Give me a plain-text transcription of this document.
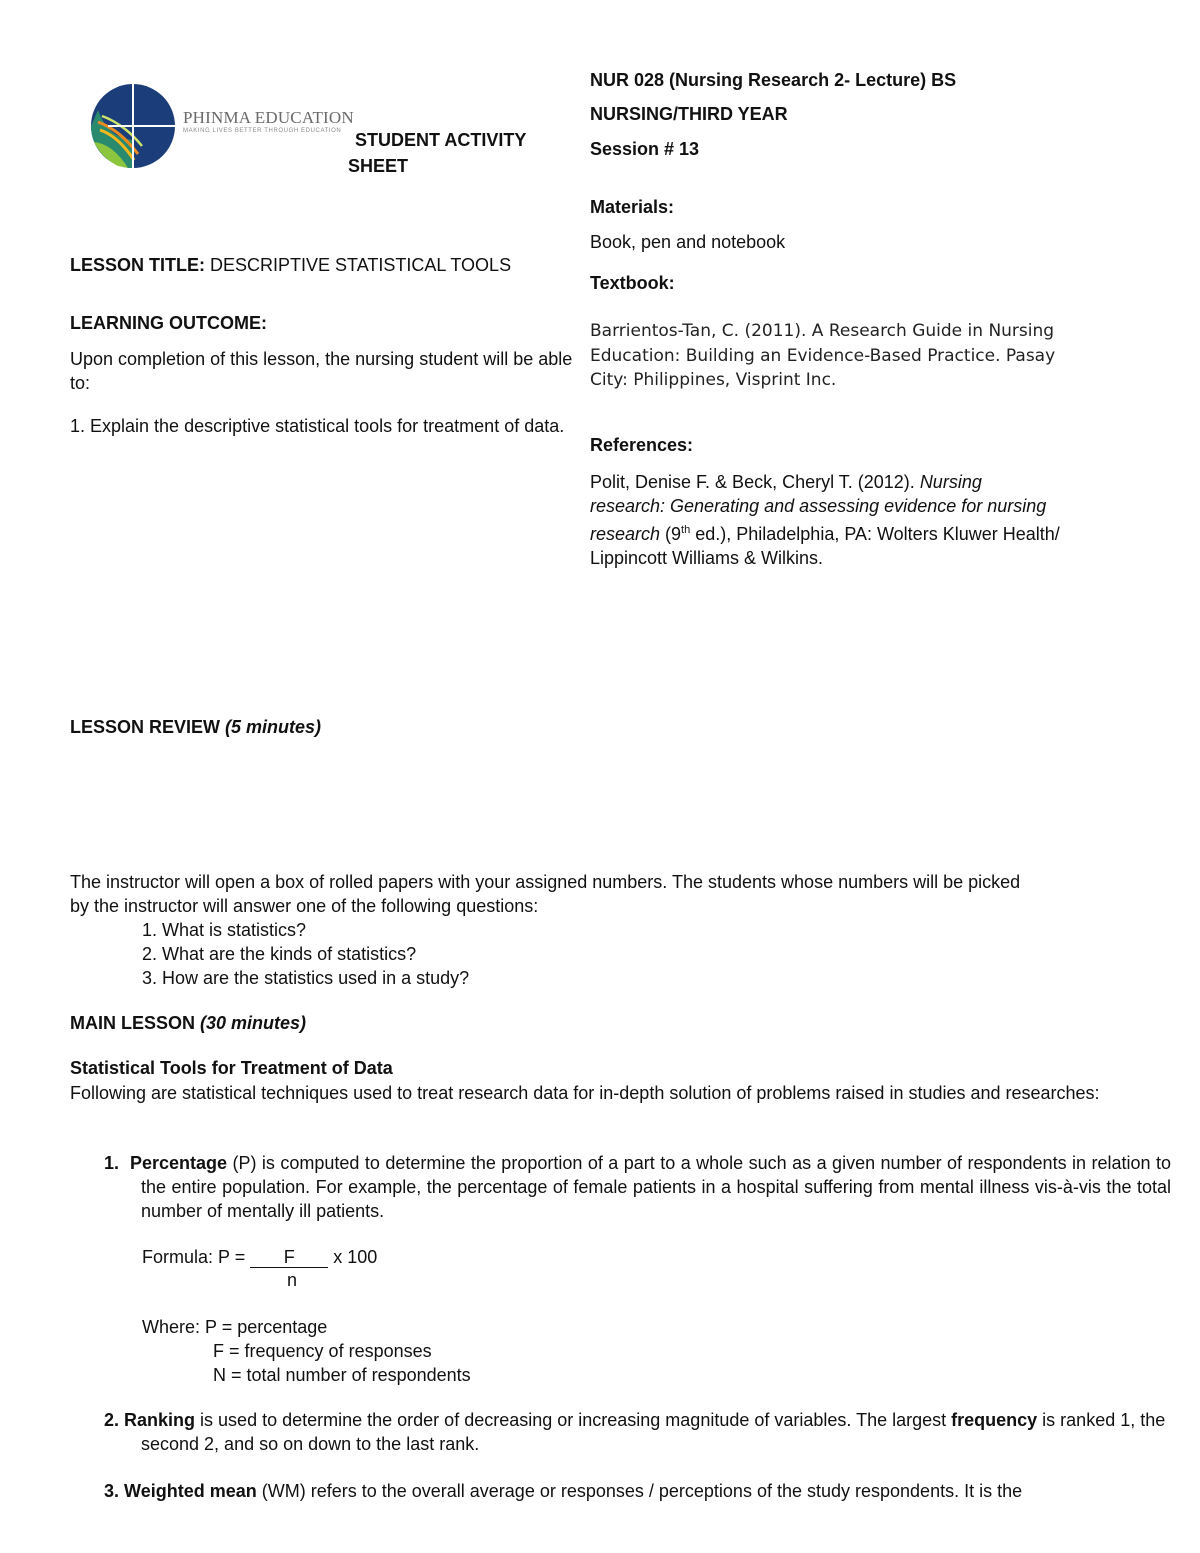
PHINMA EDUCATION
MAKING LIVES BETTER THROUGH EDUCATION STUDENT ACTIVITY
SHEET
NUR 028 (Nursing Research 2- Lecture) BS
NURSING/THIRD YEAR
Session # 13
Materials:
Book, pen and notebook
Textbook:
Barrientos-Tan, C. (2011). A Research Guide in Nursing
Education: Building an Evidence-Based Practice. Pasay
City: Philippines, Visprint Inc.
References:
Polit, Denise F. & Beck, Cheryl T. (2012). Nursing
research: Generating and assessing evidence for nursing
research (9th ed.), Philadelphia, PA: Wolters Kluwer Health/
Lippincott Williams & Wilkins.
LESSON TITLE: DESCRIPTIVE STATISTICAL TOOLS
LEARNING OUTCOME:
Upon completion of this lesson, the nursing student will be able to:
1. Explain the descriptive statistical tools for treatment of data.
LESSON REVIEW (5 minutes)
The instructor will open a box of rolled papers with your assigned numbers. The students whose numbers will be picked
by the instructor will answer one of the following questions:
1. What is statistics?
2. What are the kinds of statistics?
3. How are the statistics used in a study?
MAIN LESSON (30 minutes)
Statistical Tools for Treatment of Data
Following are statistical techniques used to treat research data for in-depth solution of problems raised in studies and researches:
1. Percentage (P) is computed to determine the proportion of a part to a whole such as a given number of respondents in relation to the entire population. For example, the percentage of female patients in a hospital suffering from mental illness vis-à-vis the total number of mentally ill patients.
Formula: P = F x 100
n
Where: P = percentage
F = frequency of responses
N = total number of respondents
2. Ranking is used to determine the order of decreasing or increasing magnitude of variables. The largest frequency is ranked 1, the second 2, and so on down to the last rank.
3. Weighted mean (WM) refers to the overall average or responses / perceptions of the study respondents. It is the
